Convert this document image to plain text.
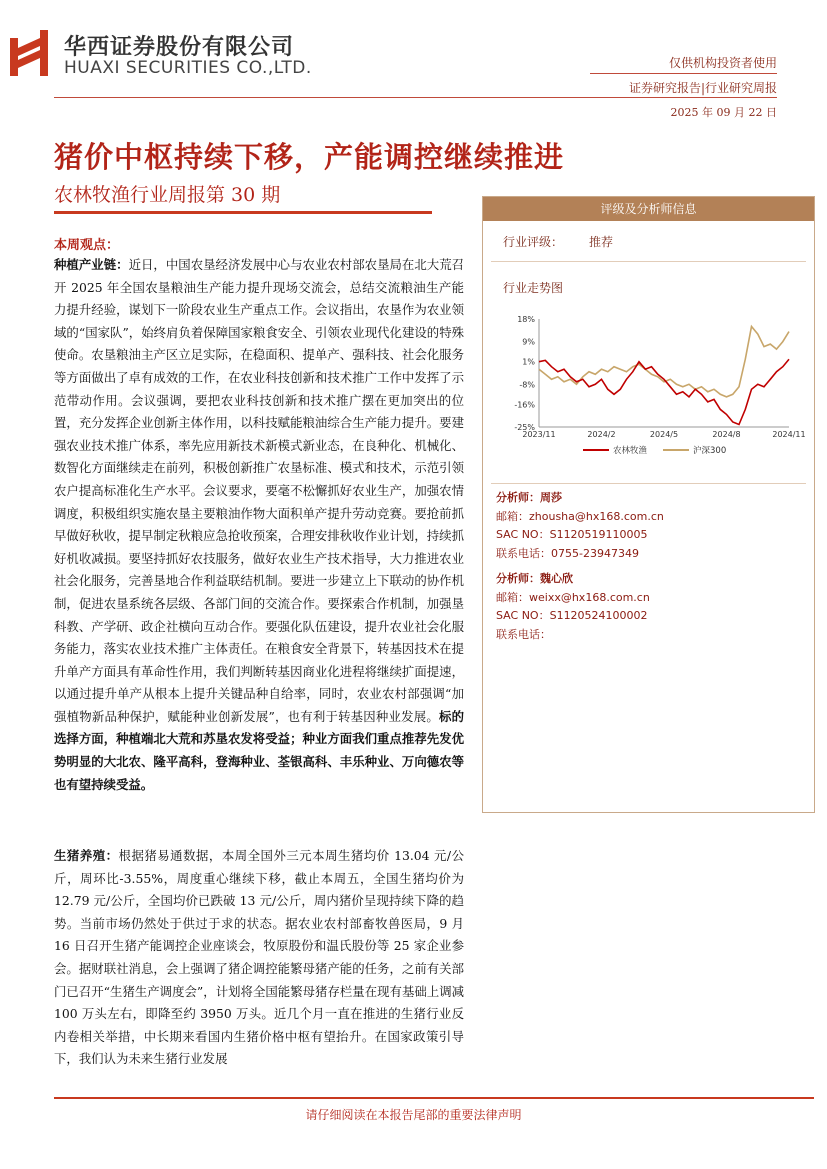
华西证券股份有限公司
HUAXI SECURITIES CO.,LTD.	仅供机构投资者使用
证券研究报告|行业研究周报
2025 年 09 月 22 日
猪价中枢持续下移，产能调控继续推进
农林牧渔行业周报第 30 期
本周观点：
种植产业链：近日，中国农垦经济发展中心与农业农村部农垦局在北大荒召开 2025 年全国农垦粮油生产能力提升现场交流会，总结交流粮油生产能力提升经验，谋划下一阶段农业生产重点工作。会议指出，农垦作为农业领域的“国家队”，始终肩负着保障国家粮食安全、引领农业现代化建设的特殊使命。农垦粮油主产区立足实际，在稳面积、提单产、强科技、社会化服务等方面做出了卓有成效的工作，在农业科技创新和技术推广工作中发挥了示范带动作用。会议强调，要把农业科技创新和技术推广摆在更加突出的位置，充分发挥企业创新主体作用，以科技赋能粮油综合生产能力提升。要建强农业技术推广体系，率先应用新技术新模式新业态，在良种化、机械化、数智化方面继续走在前列，积极创新推广农垦标准、模式和技术，示范引领农户提高标准化生产水平。会议要求，要毫不松懈抓好农业生产，加强农情调度，积极组织实施农垦主要粮油作物大面积单产提升劳动竞赛。要抢前抓早做好秋收，提早制定秋粮应急抢收预案，合理安排秋收作业计划，持续抓好机收减损。要坚持抓好农技服务，做好农业生产技术指导，大力推进农业社会化服务，完善垦地合作利益联结机制。要进一步建立上下联动的协作机制，促进农垦系统各层级、各部门间的交流合作。要探索合作机制，加强垦科教、产学研、政企社横向互动合作。要强化队伍建设，提升农业社会化服务能力，落实农业技术推广主体责任。在粮食安全背景下，转基因技术在提升单产方面具有革命性作用，我们判断转基因商业化进程将继续扩面提速，以通过提升单产从根本上提升关键品种自给率，同时，农业农村部强调“加强植物新品种保护，赋能种业创新发展”，也有利于转基因种业发展。标的选择方面，种植端北大荒和苏垦农发将受益；种业方面我们重点推荐先发优势明显的大北农、隆平高科，登海种业、荃银高科、丰乐种业、万向德农等也有望持续受益。
生猪养殖：根据猪易通数据，本周全国外三元本周生猪均价 13.04 元/公斤，周环比-3.55%，周度重心继续下移，截止本周五，全国生猪均价为 12.79 元/公斤，全国均价已跌破 13 元/公斤，周内猪价呈现持续下降的趋势。当前市场仍然处于供过于求的状态。据农业农村部畜牧兽医局，9 月 16 日召开生猪产能调控企业座谈会，牧原股份和温氏股份等 25 家企业参会。据财联社消息，会上强调了猪企调控能繁母猪产能的任务，之前有关部门已召开“生猪生产调度会”，计划将全国能繁母猪存栏量在现有基础上调减 100 万头左右，即降至约 3950 万头。近几个月一直在推进的生猪行业反内卷相关举措，中长期来看国内生猪价格中枢有望抬升。在国家政策引导下，我们认为未来生猪行业发展
评级及分析师信息
行业评级： 推荐
行业走势图
18%
9%
1%
-8%
-16%
-25%
2023/11	2024/2	2024/5	2024/8	2024/11
农林牧渔	沪深300
分析师：周莎
邮箱：zhousha@hx168.com.cn
SAC NO：S1120519110005
联系电话：0755-23947349
分析师：魏心欣
邮箱：weixx@hx168.com.cn
SAC NO：S1120524100002
联系电话：
请仔细阅读在本报告尾部的重要法律声明
